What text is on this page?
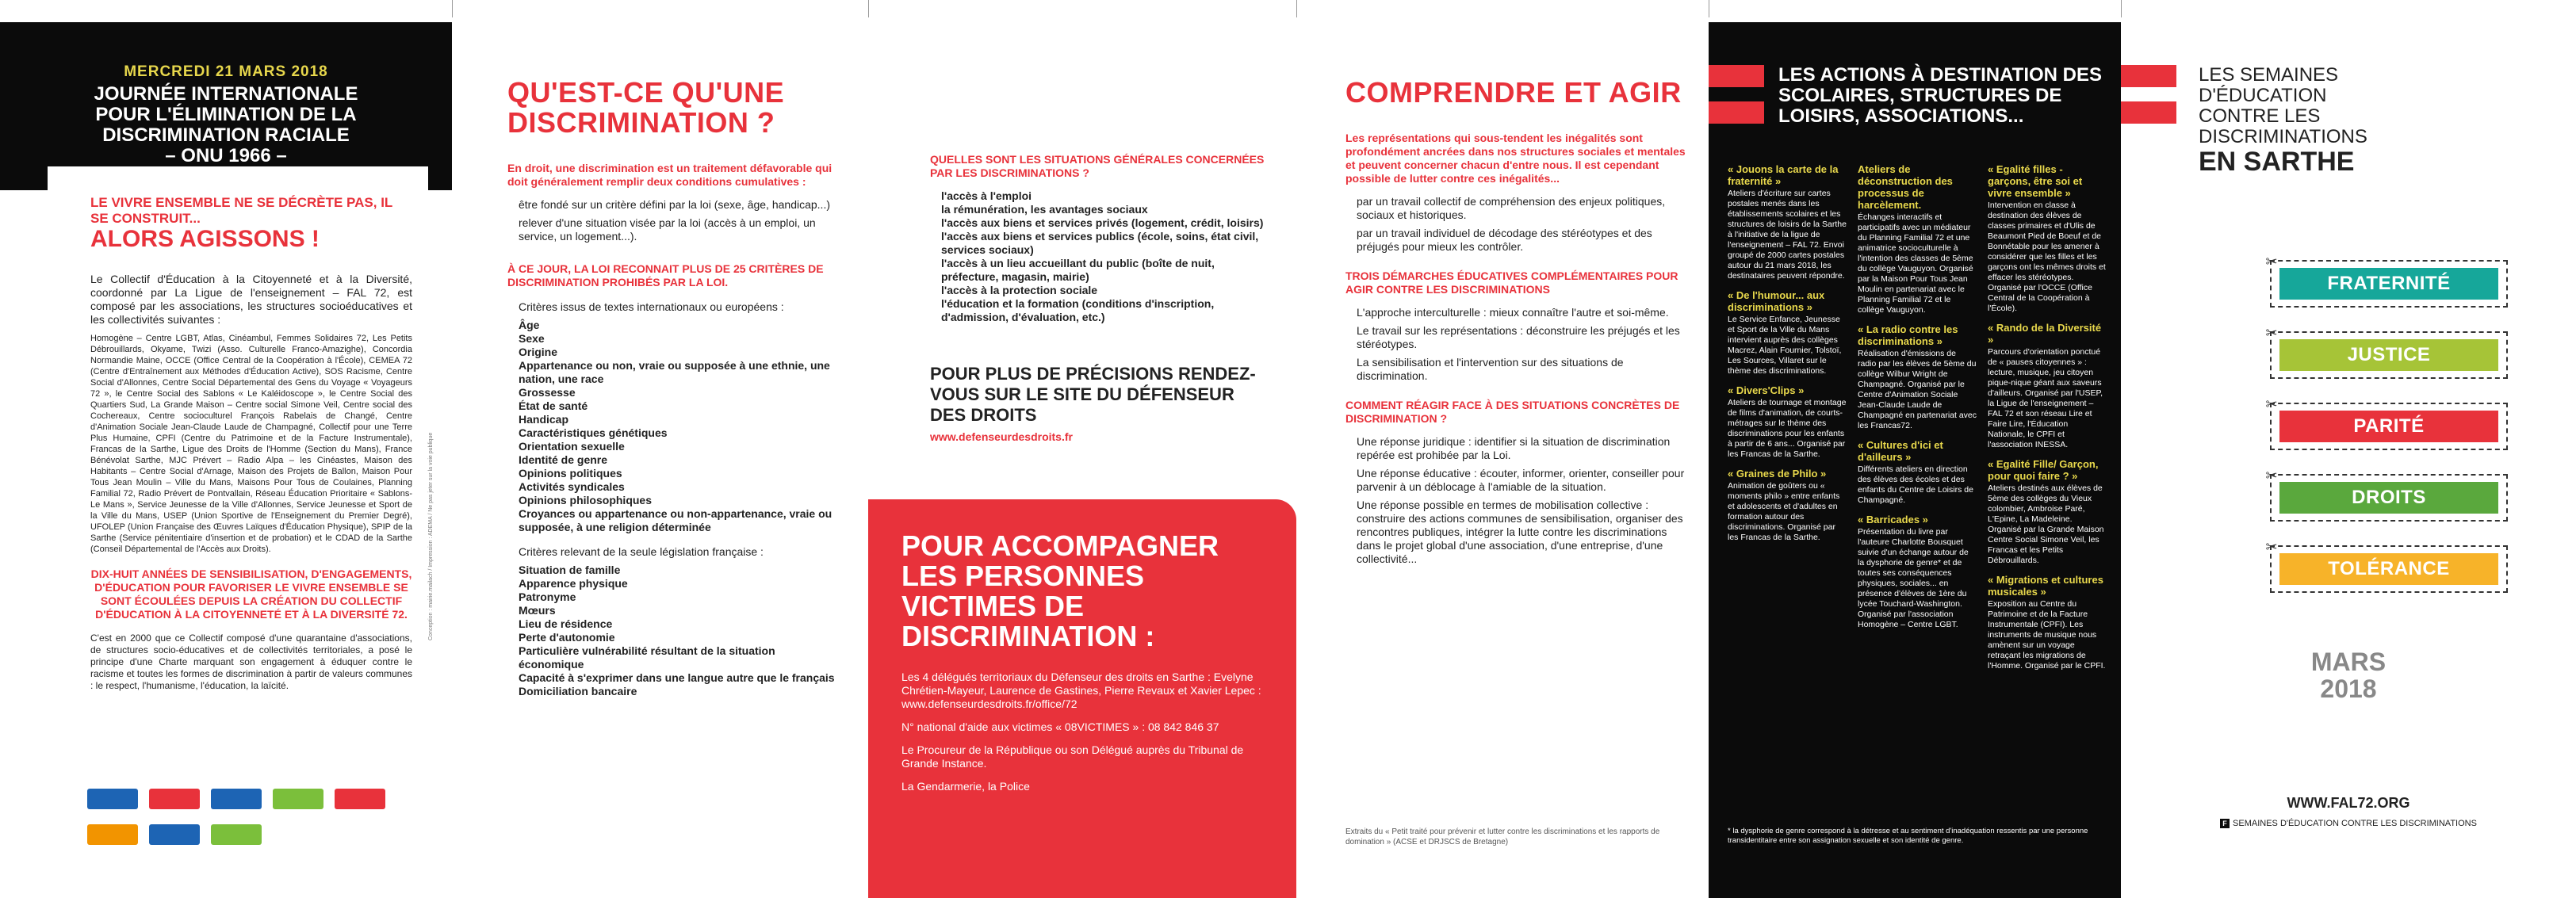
MERCREDI 21 MARS 2018
JOURNÉE INTERNATIONALE
POUR L'ÉLIMINATION DE LA
DISCRIMINATION RACIALE
– ONU 1966 –
LE VIVRE ENSEMBLE NE SE DÉCRÈTE PAS, IL SE CONSTRUIT...
ALORS AGISSONS !

Le Collectif d'Éducation à la Citoyenneté et à la Diversité, coordonné par La Ligue de l'enseignement – FAL 72, est composé par les associations, les structures socioéducatives et les collectivités suivantes :

Homogène – Centre LGBT, Atlas, Cinéambul, Femmes Solidaires 72, Les Petits Débrouillards, Okyame, Twizi (Asso. Culturelle Franco-Amazighe), Concordia Normandie Maine, OCCE (Office Central de la Coopération à l'École), CEMEA 72 (Centre d'Entraînement aux Méthodes d'Éducation Active), SOS Racisme, Centre Social d'Allonnes, Centre Social Départemental des Gens du Voyage « Voyageurs 72 », le Centre Social des Sablons « Le Kaléidoscope », le Centre Social des Quartiers Sud, La Grande Maison – Centre social Simone Veil, Centre social des Cochereaux, Centre socioculturel François Rabelais de Changé, Centre d'Animation Sociale Jean-Claude Laude de Champagné, Collectif pour une Terre Plus Humaine, CPFI (Centre du Patrimoine et de la Facture Instrumentale), Francas de la Sarthe, Ligue des Droits de l'Homme (Section du Mans), France Bénévolat Sarthe, MJC Prévert – Radio Alpa – les Cinéastes, Maison des Habitants – Centre Social d'Arnage, Maison des Projets de Ballon, Maison Pour Tous Jean Moulin – Ville du Mans, Maisons Pour Tous de Coulaines, Planning Familial 72, Radio Prévert de Pontvallain, Réseau Éducation Prioritaire « Sablons-Le Mans », Service Jeunesse de la Ville d'Allonnes, Service Jeunesse et Sport de la Ville du Mans, USEP (Union Sportive de l'Enseignement du Premier Degré), UFOLEP (Union Française des Œuvres Laïques d'Éducation Physique), SPIP de la Sarthe (Service pénitentiaire d'insertion et de probation) et le CDAD de la Sarthe (Conseil Départemental de l'Accès aux Droits).
DIX-HUIT ANNÉES DE SENSIBILISATION, D'ENGAGEMENTS, D'ÉDUCATION POUR FAVORISER LE VIVRE ENSEMBLE SE SONT ÉCOULÉES DEPUIS LA CRÉATION DU COLLECTIF D'ÉDUCATION À LA CITOYENNETÉ ET À LA DIVERSITÉ 72.

C'est en 2000 que ce Collectif composé d'une quarantaine d'associations, de structures socio-éducatives et de collectivités territoriales, a posé le principe d'une Charte marquant son engagement à éduquer contre le racisme et toutes les formes de discrimination à partir de valeurs communes : le respect, l'humanisme, l'éducation, la laïcité.

Conception : mairie.mailach / Impression : ADEMA / Ne pas jeter sur la voie publique
QU'EST-CE QU'UNE DISCRIMINATION ?
En droit, une discrimination est un traitement défavorable qui doit généralement remplir deux conditions cumulatives :
être fondé sur un critère défini par la loi (sexe, âge, handicap...)
relever d'une situation visée par la loi (accès à un emploi, un service, un logement...).
À CE JOUR, LA LOI RECONNAIT PLUS DE 25 CRITÈRES DE DISCRIMINATION PROHIBÉS PAR LA LOI.
Critères issus de textes internationaux ou européens :
Âge
Sexe
Origine
Appartenance ou non, vraie ou supposée à une ethnie, une nation, une race
Grossesse
État de santé
Handicap
Caractéristiques génétiques
Orientation sexuelle
Identité de genre
Opinions politiques
Activités syndicales
Opinions philosophiques
Croyances ou appartenance ou non-appartenance, vraie ou supposée, à une religion déterminée
Critères relevant de la seule législation française :
Situation de famille
Apparence physique
Patronyme
Mœurs
Lieu de résidence
Perte d'autonomie
Particulière vulnérabilité résultant de la situation économique
Capacité à s'exprimer dans une langue autre que le français
Domiciliation bancaire
QUELLES SONT LES SITUATIONS GÉNÉRALES CONCERNÉES PAR LES DISCRIMINATIONS ?
l'accès à l'emploi
la rémunération, les avantages sociaux
l'accès aux biens et services privés (logement, crédit, loisirs)
l'accès aux biens et services publics (école, soins, état civil, services sociaux)
l'accès à un lieu accueillant du public (boîte de nuit, préfecture, magasin, mairie)
l'accès à la protection sociale
l'éducation et la formation (conditions d'inscription, d'admission, d'évaluation, etc.)
POUR PLUS DE PRÉCISIONS RENDEZ-VOUS SUR LE SITE DU DÉFENSEUR DES DROITS
www.defenseurdesdroits.fr
POUR ACCOMPAGNER LES PERSONNES VICTIMES DE DISCRIMINATION :

Les 4 délégués territoriaux du Défenseur des droits en Sarthe : Evelyne Chrétien-Mayeur, Laurence de Gastines, Pierre Revaux et Xavier Lepec : www.defenseurdesdroits.fr/office/72

N° national d'aide aux victimes « 08VICTIMES » : 08 842 846 37

Le Procureur de la République ou son Délégué auprès du Tribunal de Grande Instance.

La Gendarmerie, la Police

COMPRENDRE ET AGIR
Les représentations qui sous-tendent les inégalités sont profondément ancrées dans nos structures sociales et mentales et peuvent concerner chacun d'entre nous. Il est cependant possible de lutter contre ces inégalités...
par un travail collectif de compréhension des enjeux politiques, sociaux et historiques.
par un travail individuel de décodage des stéréotypes et des préjugés pour mieux les contrôler.
TROIS DÉMARCHES ÉDUCATIVES COMPLÉMENTAIRES POUR AGIR CONTRE LES DISCRIMINATIONS
L'approche interculturelle : mieux connaître l'autre et soi-même.
Le travail sur les représentations : déconstruire les préjugés et les stéréotypes.
La sensibilisation et l'intervention sur des situations de discrimination.
COMMENT RÉAGIR FACE À DES SITUATIONS CONCRÈTES DE DISCRIMINATION ?
Une réponse juridique : identifier si la situation de discrimination repérée est prohibée par la Loi.
Une réponse éducative : écouter, informer, orienter, conseiller pour parvenir à un déblocage à l'amiable de la situation.
Une réponse possible en termes de mobilisation collective : construire des actions communes de sensibilisation, organiser des rencontres publiques, intégrer la lutte contre les discriminations dans le projet global d'une association, d'une entreprise, d'une collectivité...
Extraits du « Petit traité pour prévenir et lutter contre les discriminations et les rapports de domination » (ACSE et DRJSCS de Bretagne)
LES ACTIONS À DESTINATION DES SCOLAIRES, STRUCTURES DE LOISIRS, ASSOCIATIONS...
« Jouons la carte de la fraternité »
Ateliers d'écriture sur cartes postales menés dans les établissements scolaires et les structures de loisirs de la Sarthe à l'initiative de la ligue de l'enseignement – FAL 72. Envoi groupé de 2000 cartes postales autour du 21 mars 2018, les destinataires peuvent répondre.
« De l'humour... aux discriminations »
Le Service Enfance, Jeunesse et Sport de la Ville du Mans intervient auprès des collèges Macrez, Alain Fournier, Tolstoï, Les Sources, Villaret sur le thème des discriminations.
« Divers'Clips »
Ateliers de tournage et montage de films d'animation, de courts-métrages sur le thème des discriminations pour les enfants à partir de 6 ans... Organisé par les Francas de la Sarthe.
« Graines de Philo »
Animation de goûters ou « moments philo » entre enfants et adolescents et d'adultes en formation autour des discriminations. Organisé par les Francas de la Sarthe.
Ateliers de déconstruction des processus de harcèlement.
Échanges interactifs et participatifs avec un médiateur du Planning Familial 72 et une animatrice socioculturelle à l'intention des classes de 5ème du collège Vauguyon. Organisé par la Maison Pour Tous Jean Moulin en partenariat avec le Planning Familial 72 et le collège Vauguyon.
« La radio contre les discriminations »
Réalisation d'émissions de radio par les élèves de 5ème du collège Wilbur Wright de Champagné. Organisé par le Centre d'Animation Sociale Jean-Claude Laude de Champagné en partenariat avec les Francas72.
« Cultures d'ici et d'ailleurs »
Différents ateliers en direction des élèves des écoles et des enfants du Centre de Loisirs de Champagné.
« Barricades »
Présentation du livre par l'auteure Charlotte Bousquet suivie d'un échange autour de la dysphorie de genre* et de toutes ses conséquences physiques, sociales... en présence d'élèves de 1ère du lycée Touchard-Washington. Organisé par l'association Homogène – Centre LGBT.
« Egalité filles - garçons, être soi et vivre ensemble »
Intervention en classe à destination des élèves de classes primaires et d'Ulis de Beaumont Pied de Boeuf et de Bonnétable pour les amener à considérer que les filles et les garçons ont les mêmes droits et effacer les stéréotypes. Organisé par l'OCCE (Office Central de la Coopération à l'École).
« Rando de la Diversité »
Parcours d'orientation ponctué de « pauses citoyennes » : lecture, musique, jeu citoyen pique-nique géant aux saveurs d'ailleurs. Organisé par l'USEP, la Ligue de l'enseignement – FAL 72 et son réseau Lire et Faire Lire, l'Éducation Nationale, le CPFI et l'association INESSA.
« Egalité Fille/ Garçon, pour quoi faire ? »
Ateliers destinés aux élèves de 5ème des collèges du Vieux colombier, Ambroise Paré, L'Epine, La Madeleine. Organisé par la Grande Maison Centre Social Simone Veil, les Francas et les Petits Débrouillards.
« Migrations et cultures musicales »
Exposition au Centre du Patrimoine et de la Facture Instrumentale (CPFI). Les instruments de musique nous amènent sur un voyage retraçant les migrations de l'Homme. Organisé par le CPFI.
* la dysphorie de genre correspond à la détresse et au sentiment d'inadéquation ressentis par une personne transidentitaire entre son assignation sexuelle et son identité de genre.
LES SEMAINES
D'ÉDUCATION
CONTRE LES
DISCRIMINATIONS
EN SARTHE
✂
FRATERNITÉ
✂
JUSTICE
✂
PARITÉ
✂
DROITS
✂
TOLÉRANCE
MARS
2018
WWW.FAL72.ORG
F SEMAINES D'ÉDUCATION CONTRE LES DISCRIMINATIONS
